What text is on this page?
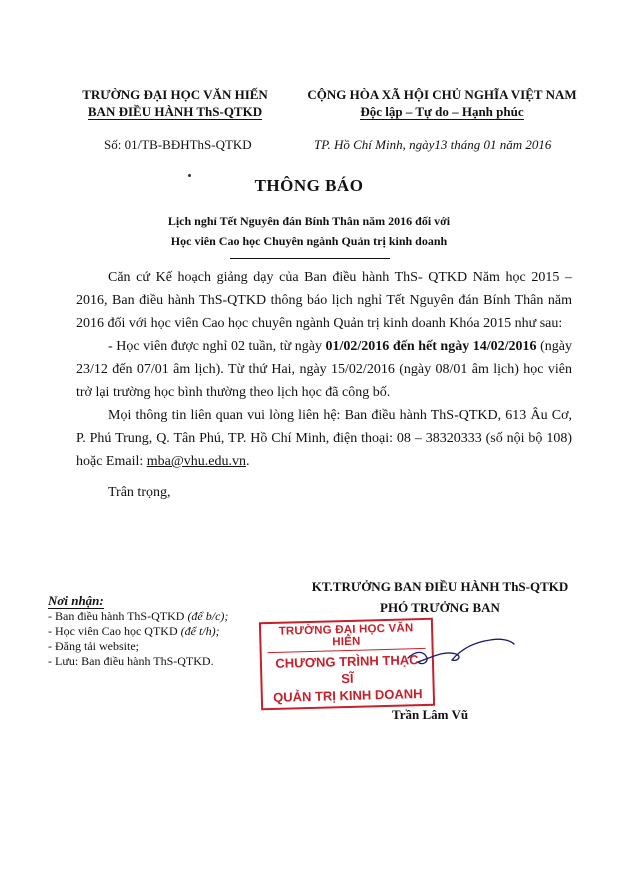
TRƯỜNG ĐẠI HỌC VĂN HIẾN
BAN ĐIỀU HÀNH ThS-QTKD
CỘNG HÒA XÃ HỘI CHỦ NGHĨA VIỆT NAM
Độc lập – Tự do – Hạnh phúc
Số: 01/TB-BĐHThS-QTKD	TP. Hồ Chí Minh, ngày13 tháng 01 năm 2016
THÔNG BÁO
Lịch nghỉ Tết Nguyên đán Bính Thân năm 2016 đối với
Học viên Cao học Chuyên ngành Quản trị kinh doanh
Căn cứ Kế hoạch giảng dạy của Ban điều hành ThS- QTKD Năm học 2015 – 2016, Ban điều hành ThS-QTKD thông báo lịch nghỉ Tết Nguyên đán Bính Thân năm 2016 đối với học viên Cao học chuyên ngành Quản trị kinh doanh Khóa 2015 như sau:
- Học viên được nghỉ 02 tuần, từ ngày 01/02/2016 đến hết ngày 14/02/2016 (ngày 23/12 đến 07/01 âm lịch). Từ thứ Hai, ngày 15/02/2016 (ngày 08/01 âm lịch) học viên trở lại trường học bình thường theo lịch học đã công bố.
Mọi thông tin liên quan vui lòng liên hệ: Ban điều hành ThS-QTKD, 613 Âu Cơ, P. Phú Trung, Q. Tân Phú, TP. Hồ Chí Minh, điện thoại: 08 – 38320333 (số nội bộ 108) hoặc Email: mba@vhu.edu.vn.
Trân trọng,
Nơi nhận:
- Ban điều hành ThS-QTKD (để b/c);
- Học viên Cao học QTKD (để t/h);
- Đăng tải website;
- Lưu: Ban điều hành ThS-QTKD.
KT.TRƯỞNG BAN ĐIỀU HÀNH ThS-QTKD
PHÓ TRƯỞNG BAN
TRƯỜNG ĐẠI HỌC VĂN HIẾN
CHƯƠNG TRÌNH THẠC SĨ
QUẢN TRỊ KINH DOANH
Trần Lâm Vũ
